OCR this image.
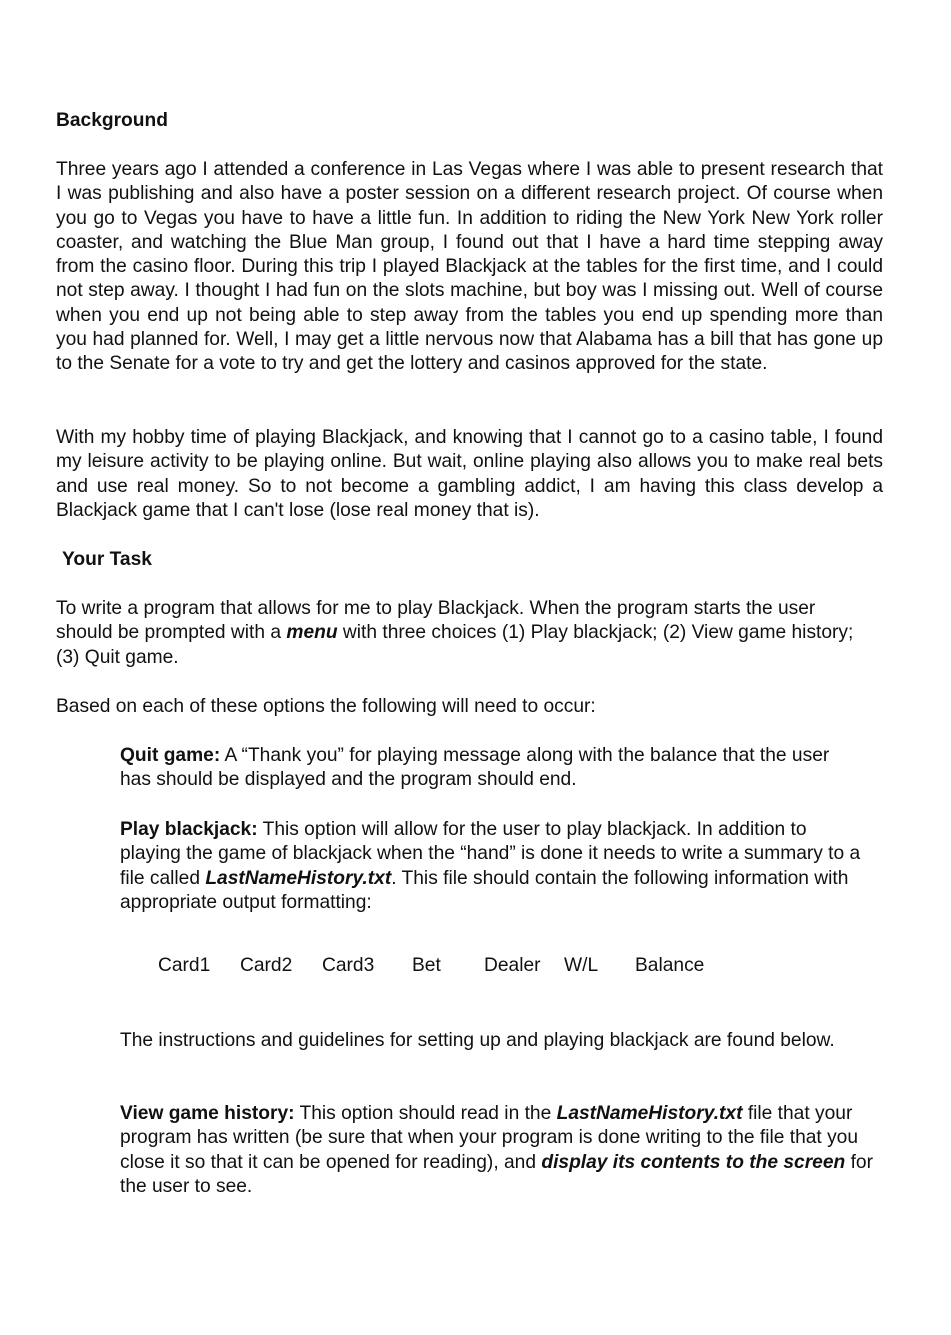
Background

Three years ago I attended a conference in Las Vegas where I was able to present research that I was publishing and also have a poster session on a different research project. Of course when you go to Vegas you have to have a little fun. In addition to riding the New York New York roller coaster, and watching the Blue Man group, I found out that I have a hard time stepping away from the casino floor. During this trip I played Blackjack at the tables for the first time, and I could not step away. I thought I had fun on the slots machine, but boy was I missing out. Well of course when you end up not being able to step away from the tables you end up spending more than you had planned for. Well, I may get a little nervous now that Alabama has a bill that has gone up to the Senate for a vote to try and get the lottery and casinos approved for the state.

With my hobby time of playing Blackjack, and knowing that I cannot go to a casino table, I found my leisure activity to be playing online. But wait, online playing also allows you to make real bets and use real money. So to not become a gambling addict, I am having this class develop a Blackjack game that I can't lose (lose real money that is).

Your Task

To write a program that allows for me to play Blackjack. When the program starts the user should be prompted with a menu with three choices (1) Play blackjack; (2) View game history; (3) Quit game.

Based on each of these options the following will need to occur:

Quit game: A “Thank you” for playing message along with the balance that the user has should be displayed and the program should end.

Play blackjack: This option will allow for the user to play blackjack. In addition to playing the game of blackjack when the “hand” is done it needs to write a summary to a file called LastNameHistory.txt. This file should contain the following information with appropriate output formatting:

Card1 Card2 Card3 Bet Dealer W/L Balance

The instructions and guidelines for setting up and playing blackjack are found below.

View game history: This option should read in the LastNameHistory.txt file that your program has written (be sure that when your program is done writing to the file that you close it so that it can be opened for reading), and display its contents to the screen for the user to see.
